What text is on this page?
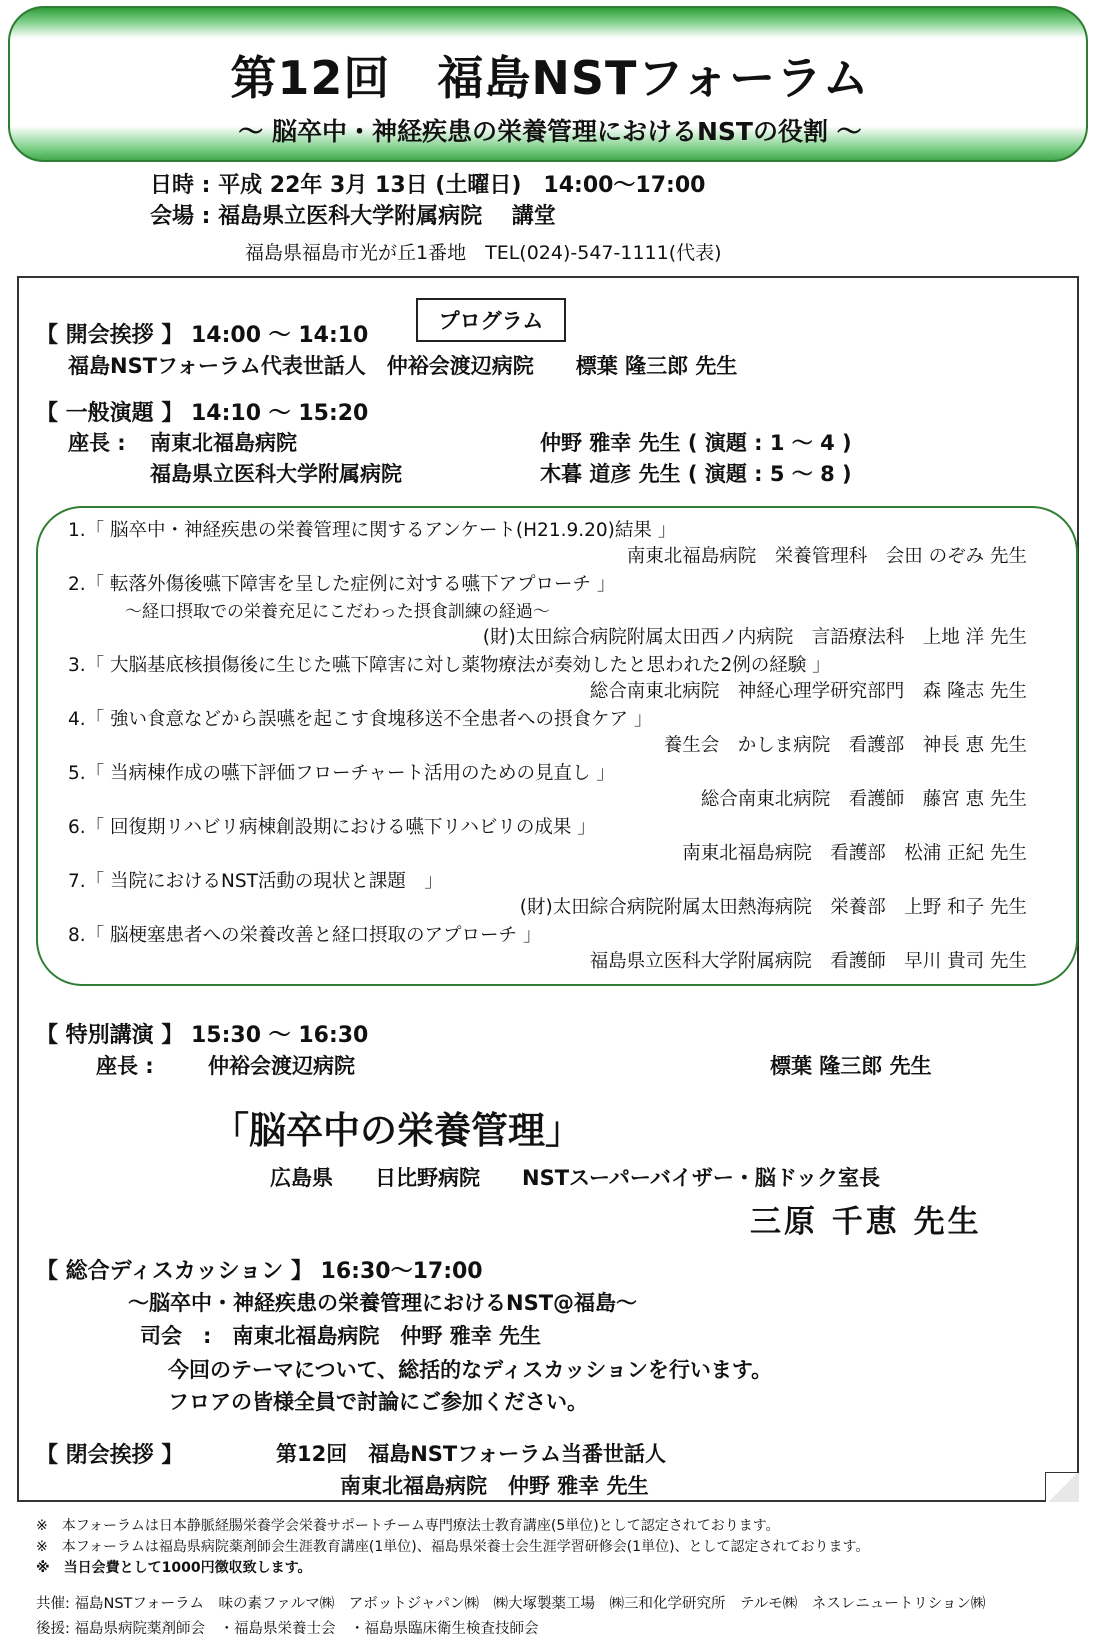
第12回　福島NSTフォーラム
～ 脳卒中・神経疾患の栄養管理におけるNSTの役割 ～
日時 : 平成 22年 3月 13日 (土曜日)　14:00～17:00
会場 : 福島県立医科大学附属病院　 講堂
福島県福島市光が丘1番地　TEL(024)-547-1111(代表)
プログラム
【 開会挨拶 】 14:00 ～ 14:10
福島NSTフォーラム代表世話人　仲裕会渡辺病院　　標葉 隆三郎 先生
【 一般演題 】 14:10 ～ 15:20
座長 : 南東北福島病院	仲野 雅幸 先生 ( 演題 : 1 ～ 4 )
福島県立医科大学附属病院	木暮 道彦 先生 ( 演題 : 5 ～ 8 )
1.「 脳卒中・神経疾患の栄養管理に関するアンケート(H21.9.20)結果 」
南東北福島病院　栄養管理科　会田 のぞみ 先生
2.「 転落外傷後嚥下障害を呈した症例に対する嚥下アプローチ 」
～経口摂取での栄養充足にこだわった摂食訓練の経過～
(財)太田綜合病院附属太田西ノ内病院　言語療法科　上地 洋 先生
3.「 大脳基底核損傷後に生じた嚥下障害に対し薬物療法が奏効したと思われた2例の経験 」
総合南東北病院　神経心理学研究部門　森 隆志 先生
4.「 強い食意などから誤嚥を起こす食塊移送不全患者への摂食ケア 」
養生会　かしま病院　看護部　神長 恵 先生
5.「 当病棟作成の嚥下評価フローチャート活用のための見直し 」
総合南東北病院　看護師　藤宮 恵 先生
6.「 回復期リハビリ病棟創設期における嚥下リハビリの成果 」
南東北福島病院　看護部　松浦 正紀 先生
7.「 当院におけるNST活動の現状と課題　」
(財)太田綜合病院附属太田熱海病院　栄養部　上野 和子 先生
8.「 脳梗塞患者への栄養改善と経口摂取のアプローチ 」
福島県立医科大学附属病院　看護師　早川 貴司 先生
【 特別講演 】 15:30 ～ 16:30
座長 :	仲裕会渡辺病院	標葉 隆三郎 先生
「脳卒中の栄養管理」
広島県　　日比野病院　　NSTスーパーバイザー・脳ドック室長
三原 千恵 先生
【 総合ディスカッション 】 16:30～17:00
～脳卒中・神経疾患の栄養管理におけるNST@福島～
司会　:　南東北福島病院　仲野 雅幸 先生
今回のテーマについて、総括的なディスカッションを行います。
フロアの皆様全員で討論にご参加ください。
【 閉会挨拶 】	第12回　福島NSTフォーラム当番世話人
南東北福島病院　仲野 雅幸 先生
※　本フォーラムは日本静脈経腸栄養学会栄養サポートチーム専門療法士教育講座(5単位)として認定されております。
※　本フォーラムは福島県病院薬剤師会生涯教育講座(1単位)、福島県栄養士会生涯学習研修会(1単位)、として認定されております。
※　当日会費として1000円徴収致します。
共催: 福島NSTフォーラム　味の素ファルマ㈱　アボットジャパン㈱　㈱大塚製薬工場　㈱三和化学研究所　テルモ㈱　ネスレニュートリション㈱
後援: 福島県病院薬剤師会　・福島県栄養士会　・福島県臨床衛生検査技師会
